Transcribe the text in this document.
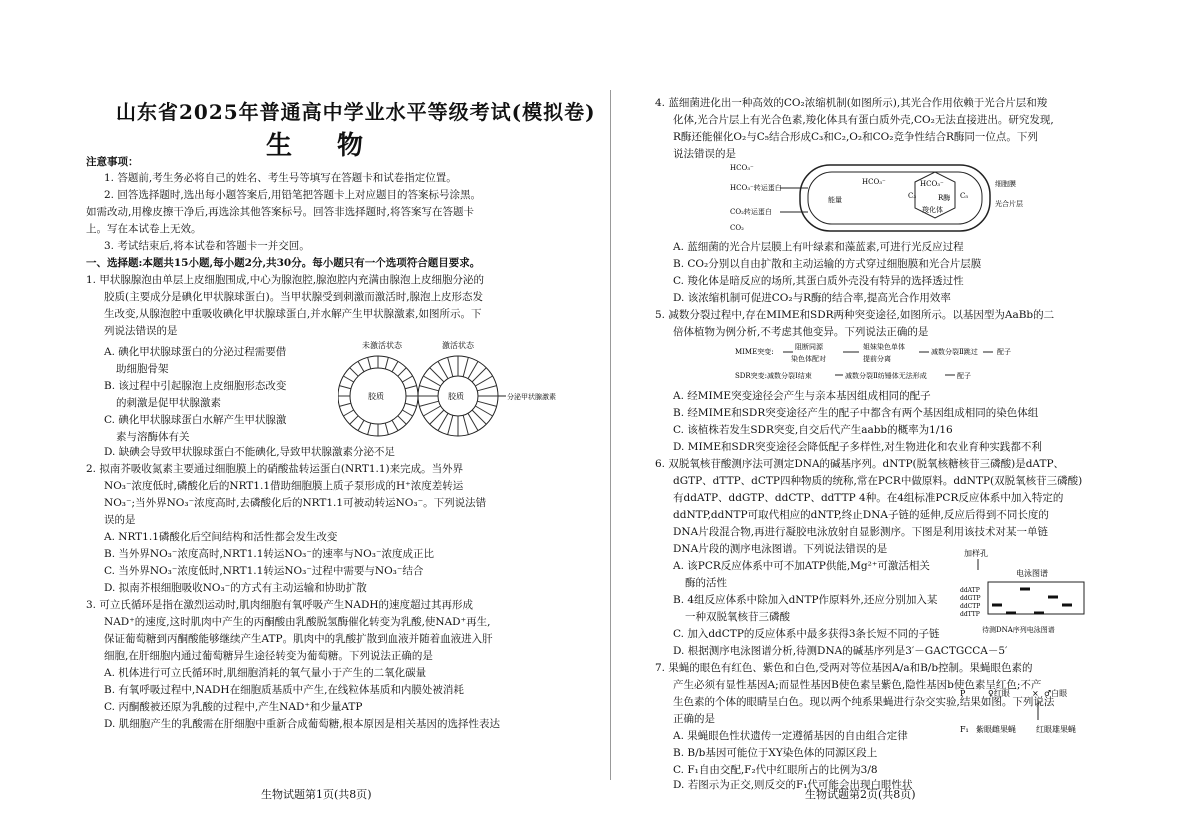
山东省2025年普通高中学业水平等级考试(模拟卷)
生 物
注意事项：
1. 答题前,考生务必将自己的姓名、考生号等填写在答题卡和试卷指定位置。
2. 回答选择题时,选出每小题答案后,用铅笔把答题卡上对应题目的答案标号涂黑。
如需改动,用橡皮擦干净后,再选涂其他答案标号。回答非选择题时,将答案写在答题卡
上。写在本试卷上无效。
3. 考试结束后,将本试卷和答题卡一并交回。
一、选择题:本题共15小题,每小题2分,共30分。每小题只有一个选项符合题目要求。
1. 甲状腺腺泡由单层上皮细胞围成,中心为腺泡腔,腺泡腔内充满由腺泡上皮细胞分泌的
胶质(主要成分是碘化甲状腺球蛋白)。当甲状腺受到刺激而激活时,腺泡上皮形态发
生改变,从腺泡腔中重吸收碘化甲状腺球蛋白,并水解产生甲状腺激素,如图所示。下
列说法错误的是
A. 碘化甲状腺球蛋白的分泌过程需要借
助细胞骨架
B. 该过程中引起腺泡上皮细胞形态改变
的刺激是促甲状腺激素
C. 碘化甲状腺球蛋白水解产生甲状腺激
素与溶酶体有关
D. 缺碘会导致甲状腺球蛋白不能碘化,导致甲状腺激素分泌不足
未激活状态	激活状态
胶质	胶质	分泌甲状腺激素
2. 拟南芥吸收氮素主要通过细胞膜上的硝酸盐转运蛋白(NRT1.1)来完成。当外界
NO₃⁻浓度低时,磷酸化后的NRT1.1借助细胞膜上质子泵形成的H⁺浓度差转运
NO₃⁻;当外界NO₃⁻浓度高时,去磷酸化后的NRT1.1可被动转运NO₃⁻。下列说法错
误的是
A. NRT1.1磷酸化后空间结构和活性都会发生改变
B. 当外界NO₃⁻浓度高时,NRT1.1转运NO₃⁻的速率与NO₃⁻浓度成正比
C. 当外界NO₃⁻浓度低时,NRT1.1转运NO₃⁻过程中需要与NO₃⁻结合
D. 拟南芥根细胞吸收NO₃⁻的方式有主动运输和协助扩散
3. 可立氏循环是指在激烈运动时,肌肉细胞有氧呼吸产生NADH的速度超过其再形成
NAD⁺的速度,这时肌肉中产生的丙酮酸由乳酸脱氢酶催化转变为乳酸,使NAD⁺再生,
保证葡萄糖到丙酮酸能够继续产生ATP。肌肉中的乳酸扩散到血液并随着血液进入肝
细胞,在肝细胞内通过葡萄糖异生途径转变为葡萄糖。下列说法正确的是
A. 机体进行可立氏循环时,肌细胞消耗的氧气量小于产生的二氧化碳量
B. 有氧呼吸过程中,NADH在细胞质基质中产生,在线粒体基质和内膜处被消耗
C. 丙酮酸被还原为乳酸的过程中,产生NAD⁺和少量ATP
D. 肌细胞产生的乳酸需在肝细胞中重新合成葡萄糖,根本原因是相关基因的选择性表达
生物试题第1页(共8页)
4. 蓝细菌进化出一种高效的CO₂浓缩机制(如图所示),其光合作用依赖于光合片层和羧
化体,光合片层上有光合色素,羧化体具有蛋白质外壳,CO₂无法直接进出。研究发现,
R酶还能催化O₂与C₅结合形成C₃和C₂,O₂和CO₂竞争性结合R酶同一位点。下列
说法错误的是
HCO₃⁻
HCO₃⁻转运蛋白
CO₂转运蛋白
CO₂
能量
HCO₃⁻	HCO₃⁻
C₃	R酶 C₅
羧化体
细胞膜
光合片层
A. 蓝细菌的光合片层膜上有叶绿素和藻蓝素,可进行光反应过程
B. CO₂分别以自由扩散和主动运输的方式穿过细胞膜和光合片层膜
C. 羧化体是暗反应的场所,其蛋白质外壳没有特异的选择透过性
D. 该浓缩机制可促进CO₂与R酶的结合率,提高光合作用效率
5. 减数分裂过程中,存在MIME和SDR两种突变途径,如图所示。以基因型为AaBb的二
倍体植物为例分析,不考虑其他变异。下列说法正确的是
MIME突变:
阻断同源
染色体配对
姐妹染色单体
提前分离
减数分裂Ⅱ跳过	配子
SDR突变:减数分裂Ⅰ结束	减数分裂Ⅱ纺锤体无法形成	配子
A. 经MIME突变途径会产生与亲本基因组成相同的配子
B. 经MIME和SDR突变途径产生的配子中都含有两个基因组成相同的染色体组
C. 该植株若发生SDR突变,自交后代产生aabb的概率为1/16
D. MIME和SDR突变途径会降低配子多样性,对生物进化和农业育种实践都不利
6. 双脱氧核苷酸测序法可测定DNA的碱基序列。dNTP(脱氧核糖核苷三磷酸)是dATP、
dGTP、dTTP、dCTP四种物质的统称,常在PCR中做原料。ddNTP(双脱氧核苷三磷酸)
有ddATP、ddGTP、ddCTP、ddTTP 4种。在4组标准PCR反应体系中加入特定的
ddNTP,ddNTP可取代相应的dNTP,终止DNA子链的延伸,反应后得到不同长度的
DNA片段混合物,再进行凝胶电泳放射自显影测序。下图是利用该技术对某一单链
DNA片段的测序电泳图谱。下列说法错误的是
A. 该PCR反应体系中可不加ATP供能,Mg²⁺可激活相关
酶的活性
B. 4组反应体系中除加入dNTP作原料外,还应分别加入某
一种双脱氧核苷三磷酸
C. 加入ddCTP的反应体系中最多获得3条长短不同的子链
D. 根据测序电泳图谱分析,待测DNA的碱基序列是3′－GACTGCCA－5′
加样孔
电泳图谱
ddATP
ddGTP
ddCTP
ddTTP
待测DNA序列电泳图谱
7. 果蝇的眼色有红色、紫色和白色,受两对等位基因A/a和B/b控制。果蝇眼色素的
产生必须有显性基因A;而显性基因B使色素呈紫色,隐性基因b使色素呈红色;不产
生色素的个体的眼睛呈白色。现以两个纯系果蝇进行杂交实验,结果如图。下列说法
正确的是
A. 果蝇眼色性状遗传一定遵循基因的自由组合定律
B. B/b基因可能位于XY染色体的同源区段上
C. F₁自由交配,F₂代中红眼所占的比例为3/8
D. 若图示为正交,则反交的F₁代可能会出现白眼性状
P	♀红眼	× ♂白眼
F₁ 紫眼雌果蝇	红眼雄果蝇
生物试题第2页(共8页)
